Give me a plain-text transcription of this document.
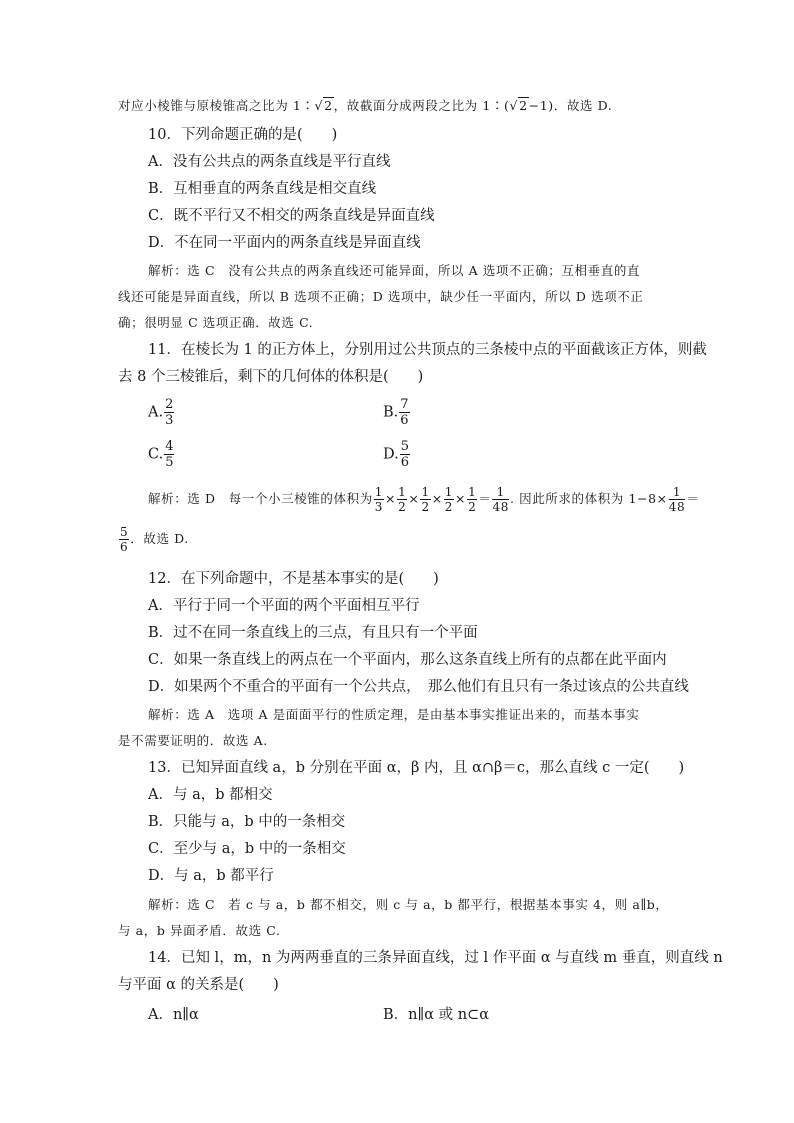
对应小棱锥与原棱锥高之比为 1∶√2，故截面分成两段之比为 1∶(√2−1)．故选 D.
10．下列命题正确的是(　　)
A．没有公共点的两条直线是平行直线
B．互相垂直的两条直线是相交直线
C．既不平行又不相交的两条直线是异面直线
D．不在同一平面内的两条直线是异面直线
解析：选 C　没有公共点的两条直线还可能异面，所以 A 选项不正确；互相垂直的直
线还可能是异面直线，所以 B 选项不正确；D 选项中，缺少任一平面内，所以 D 选项不正
确；很明显 C 选项正确．故选 C.
11．在棱长为 1 的正方体上，分别用过公共顶点的三条棱中点的平面截该正方体，则截
去 8 个三棱锥后，剩下的几何体的体积是(　　)
A. $\frac{2}{3}$	B. $\frac{7}{6}$
C. $\frac{4}{5}$	D. $\frac{5}{6}$
解析：选 D　每一个小三棱锥的体积为 $\frac{1}{3} \times \frac{1}{2} \times \frac{1}{2} \times \frac{1}{2} \times \frac{1}{2} = \frac{1}{48}$ . 因此所求的体积为 $1-8\times \frac{1}{48}$ ＝
$\frac{5}{6}$ ．故选 D.
12．在下列命题中，不是基本事实的是(　　)
A．平行于同一个平面的两个平面相互平行
B．过不在同一条直线上的三点，有且只有一个平面
C．如果一条直线上的两点在一个平面内，那么这条直线上所有的点都在此平面内
D．如果两个不重合的平面有一个公共点，　那么他们有且只有一条过该点的公共直线
解析：选 A　选项 A 是面面平行的性质定理，是由基本事实推证出来的，而基本事实
是不需要证明的．故选 A.
13．已知异面直线 a，b 分别在平面 α，β 内，且 α∩β＝c，那么直线 c 一定(　　)
A．与 a，b 都相交
B．只能与 a，b 中的一条相交
C．至少与 a，b 中的一条相交
D．与 a，b 都平行
解析：选 C　若 c 与 a，b 都不相交，则 c 与 a，b 都平行，根据基本事实 4，则 a∥b，
与 a，b 异面矛盾．故选 C.
14．已知 l，m，n 为两两垂直的三条异面直线，过 l 作平面 α 与直线 m 垂直，则直线 n
与平面 α 的关系是(　　)
A．n∥α	B．n∥α 或 n⊂α
